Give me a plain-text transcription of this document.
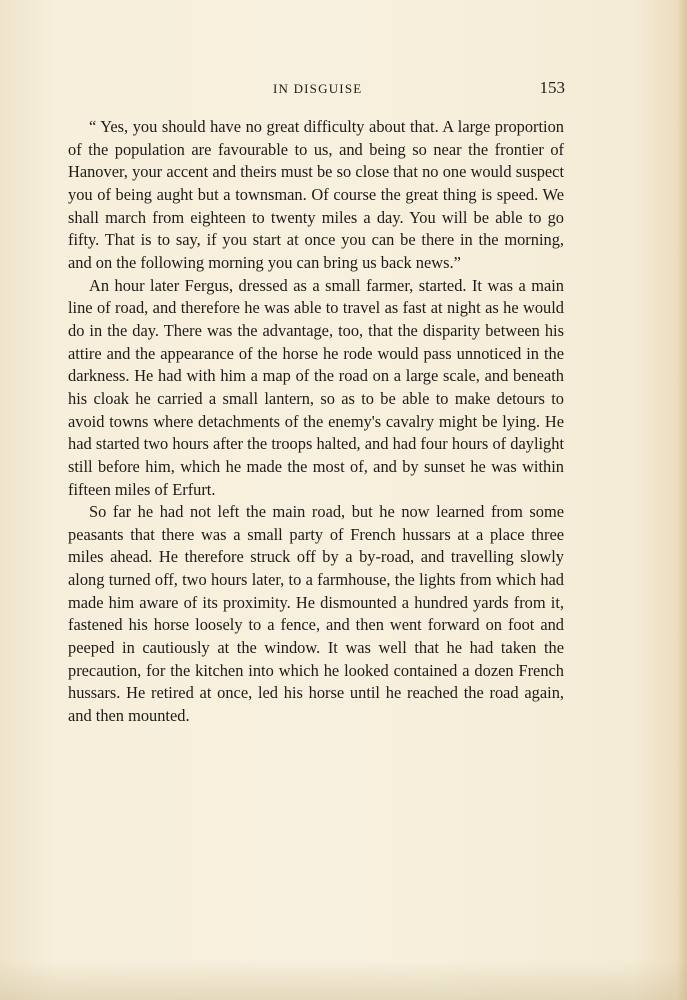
IN DISGUISE	153

“ Yes, you should have no great difficulty about that. A large proportion of the population are favourable to us, and being so near the frontier of Hanover, your accent and theirs must be so close that no one would suspect you of being aught but a townsman. Of course the great thing is speed. We shall march from eighteen to twenty miles a day. You will be able to go fifty. That is to say, if you start at once you can be there in the morning, and on the following morning you can bring us back news.”

An hour later Fergus, dressed as a small farmer, started. It was a main line of road, and therefore he was able to travel as fast at night as he would do in the day. There was the advantage, too, that the disparity between his attire and the appearance of the horse he rode would pass unnoticed in the darkness. He had with him a map of the road on a large scale, and beneath his cloak he carried a small lantern, so as to be able to make detours to avoid towns where detachments of the enemy's cavalry might be lying. He had started two hours after the troops halted, and had four hours of daylight still before him, which he made the most of, and by sunset he was within fifteen miles of Erfurt.

So far he had not left the main road, but he now learned from some peasants that there was a small party of French hussars at a place three miles ahead. He therefore struck off by a by-road, and travelling slowly along turned off, two hours later, to a farmhouse, the lights from which had made him aware of its proximity. He dismounted a hundred yards from it, fastened his horse loosely to a fence, and then went forward on foot and peeped in cautiously at the window. It was well that he had taken the precaution, for the kitchen into which he looked contained a dozen French hussars. He retired at once, led his horse until he reached the road again, and then mounted.
